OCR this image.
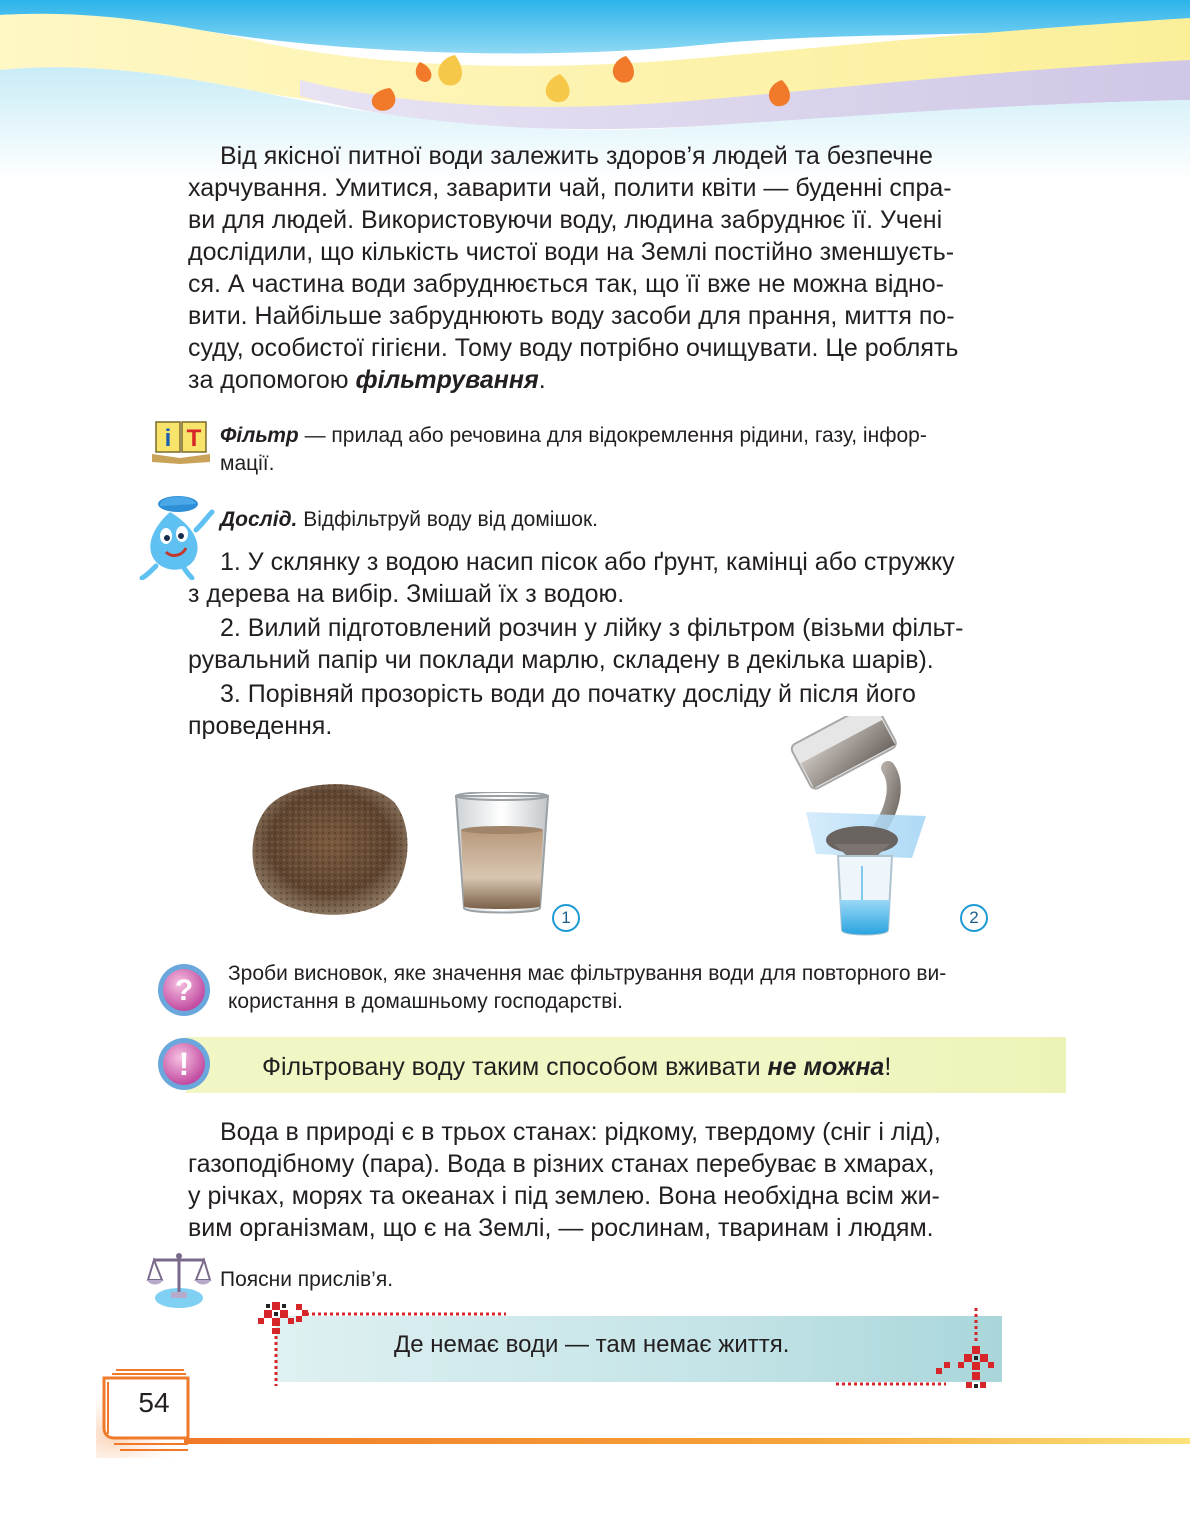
Від якісної питної води залежить здоров’я людей та безпечне
харчування. Умитися, заварити чай, полити квіти — буденні спра-
ви для людей. Використовуючи воду, людина забруднює її. Учені
дослідили, що кількість чистої води на Землі постійно зменшуєть-
ся. А частина води забруднюється так, що її вже не можна відно-
вити. Найбільше забруднюють воду засоби для прання, миття по-
суду, особистої гігієни. Тому воду потрібно очищувати. Це роблять
за допомогою фільтрування.
i T Фільтр — прилад або речовина для відокремлення рідини, газу, інфор-
мації.
Дослід. Відфільтруй воду від домішок.
1. У склянку з водою насип пісок або ґрунт, камінці або стружку
з дерева на вибір. Змішай їх з водою.
2. Вилий підготовлений розчин у лійку з фільтром (візьми фільт-
рувальний папір чи поклади марлю, складену в декілька шарів).
3. Порівняй прозорість води до початку досліду й після його
проведення.
1	2
?
Зроби висновок, яке значення має фільтрування води для повторного ви-
користання в домашньому господарстві.
!	Фільтровану воду таким способом вживати не можна!
Вода в природі є в трьох станах: рідкому, твердому (сніг і лід),
газоподібному (пара). Вода в різних станах перебуває в хмарах,
у річках, морях та океанах і під землею. Вона необхідна всім жи-
вим організмам, що є на Землі, — рослинам, тваринам і людям.
Поясни прислів’я.
Де немає води — там немає життя.
54
